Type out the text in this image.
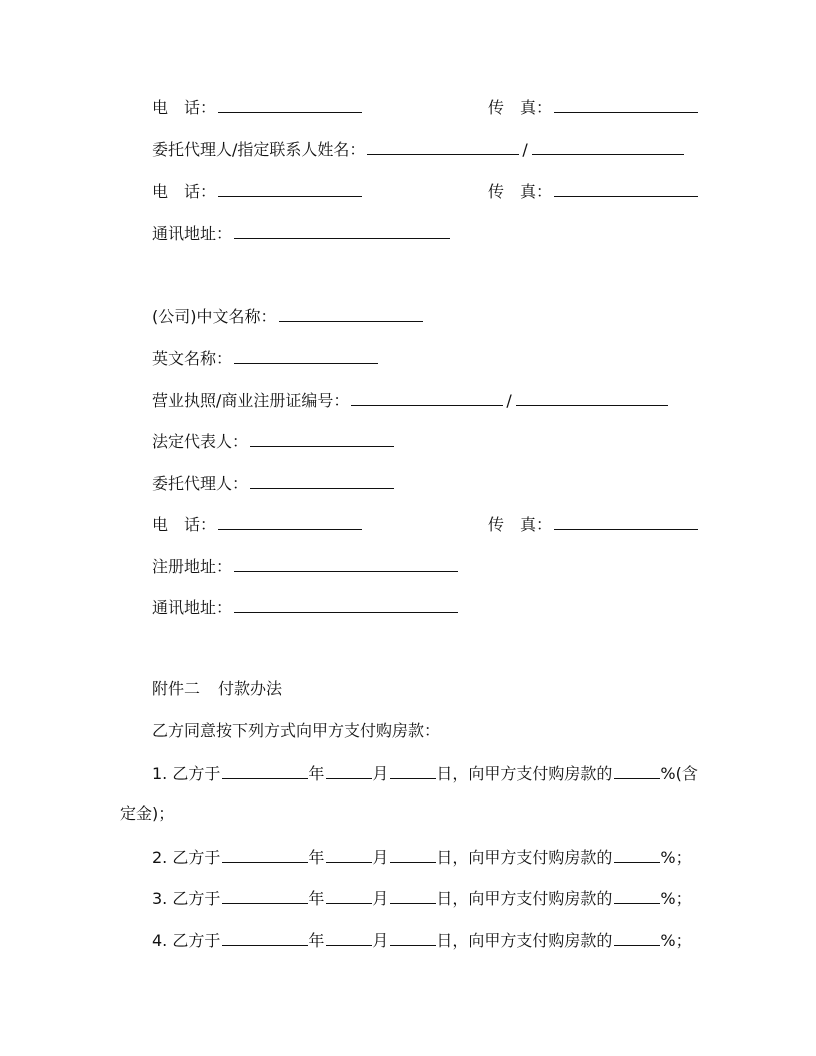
电　话：	传　真：
委托代理人/指定联系人姓名：	/
电　话：	传　真：
通讯地址：
(公司)中文名称：
英文名称：
营业执照/商业注册证编号：	/
法定代表人：
委托代理人：
电　话：	传　真：
注册地址：
通讯地址：
附件二 付款办法
乙方同意按下列方式向甲方支付购房款：
1. 乙方于	年	月	日，向甲方支付购房款的	%(含
定金)；
2. 乙方于	年	月	日，向甲方支付购房款的	%；
3. 乙方于	年	月	日，向甲方支付购房款的	%；
4. 乙方于	年	月	日，向甲方支付购房款的	%；
